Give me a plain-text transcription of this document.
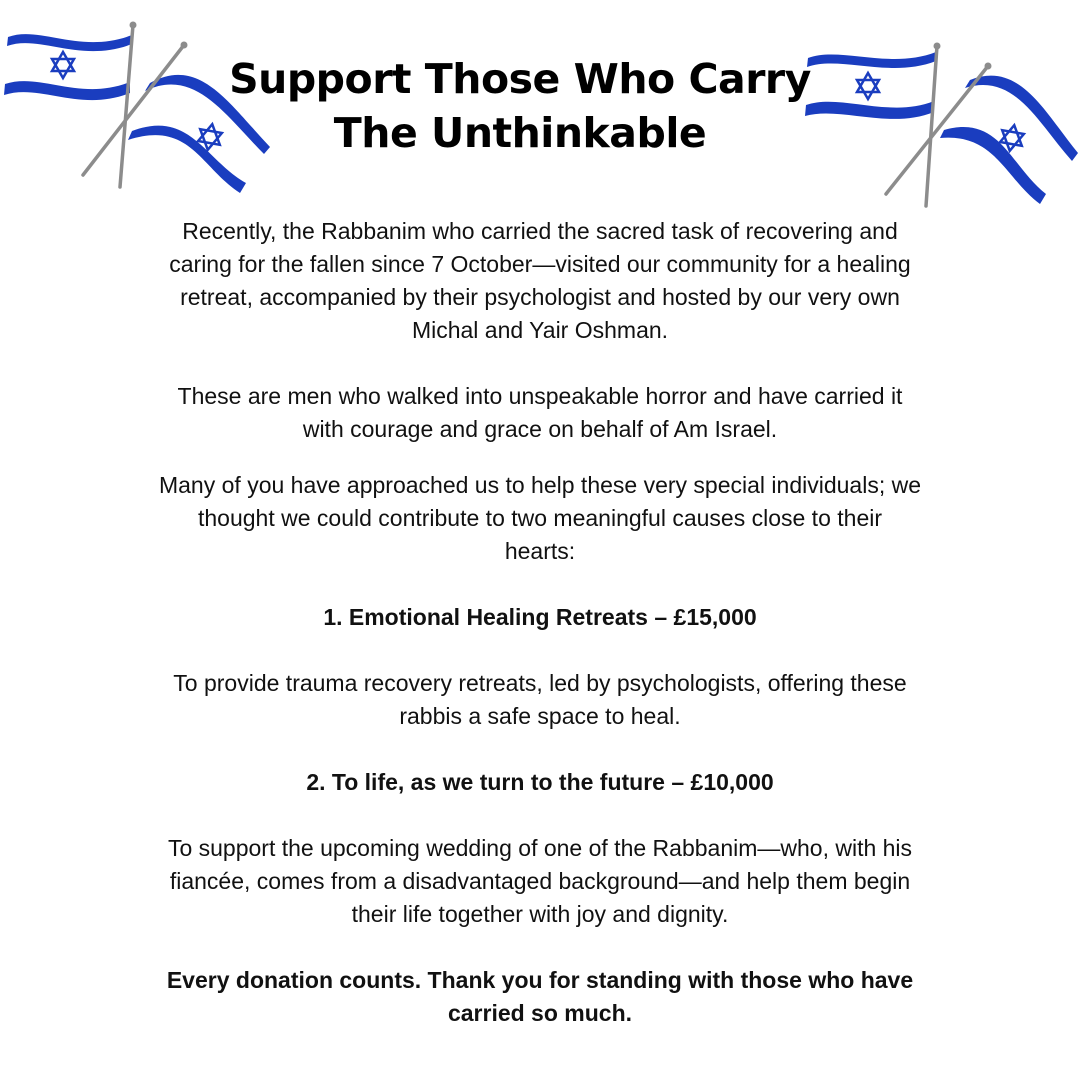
Support Those Who Carry
The Unthinkable
Recently, the Rabbanim who carried the sacred task of recovering and
caring for the fallen since 7 October—visited our community for a healing
retreat, accompanied by their psychologist and hosted by our very own
Michal and Yair Oshman.
These are men who walked into unspeakable horror and have carried it
with courage and grace on behalf of Am Israel.
Many of you have approached us to help these very special individuals; we
thought we could contribute to two meaningful causes close to their
hearts:
1. Emotional Healing Retreats – £15,000
To provide trauma recovery retreats, led by psychologists, offering these
rabbis a safe space to heal.
2. To life, as we turn to the future – £10,000
To support the upcoming wedding of one of the Rabbanim—who, with his
fiancée, comes from a disadvantaged background—and help them begin
their life together with joy and dignity.
Every donation counts. Thank you for standing with those who have
carried so much.
